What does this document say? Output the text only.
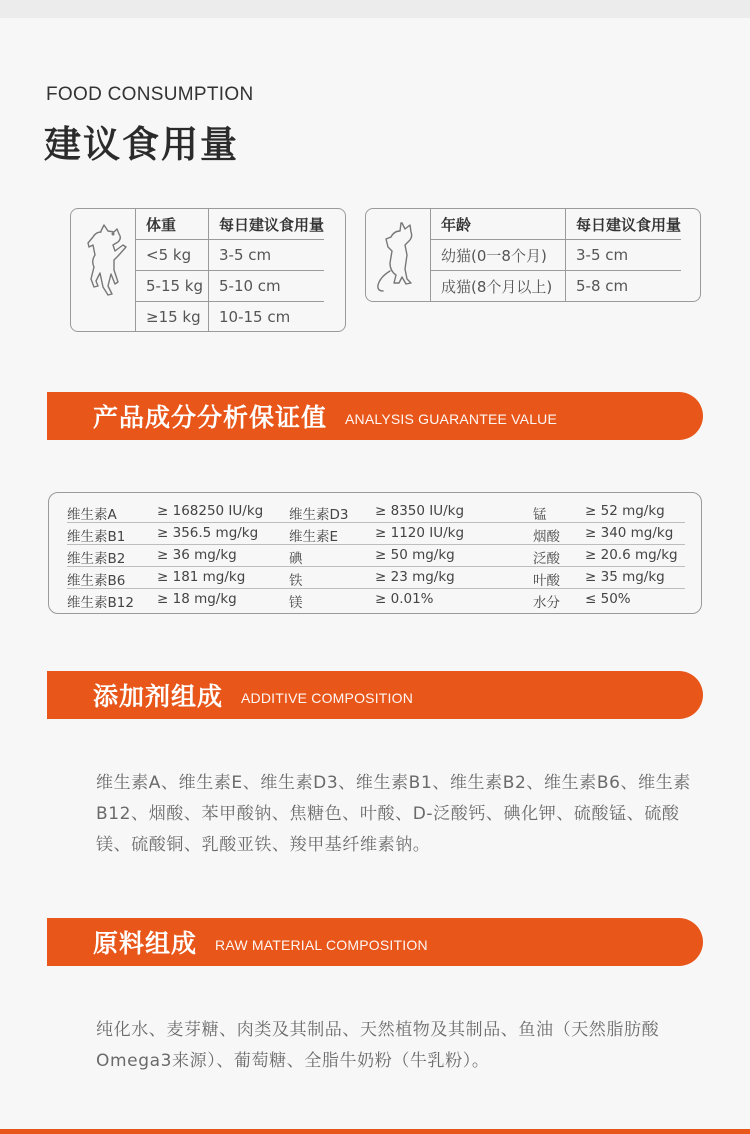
FOOD CONSUMPTION
建议食用量
体重	每日建议食用量
<5 kg	3-5 cm
5-15 kg	5-10 cm
≥15 kg	10-15 cm
年龄	每日建议食用量
幼猫(0一8个月)	3-5 cm
成猫(8个月以上)	5-8 cm
产品成分分析保证值 ANALYSIS GUARANTEE VALUE
维生素A	≥ 168250 IU/kg 维生素D3 ≥ 8350 IU/kg	锰	≥ 52 mg/kg
维生素B1 ≥ 356.5 mg/kg 维生素E	≥ 1120 IU/kg	烟酸 ≥ 340 mg/kg
维生素B2 ≥ 36 mg/kg	碘	≥ 50 mg/kg	泛酸 ≥ 20.6 mg/kg
维生素B6 ≥ 181 mg/kg	铁	≥ 23 mg/kg	叶酸 ≥ 35 mg/kg
维生素B12 ≥ 18 mg/kg	镁	≥ 0.01%	水分 ≤ 50%
添加剂组成 ADDITIVE COMPOSITION
维生素A、维生素E、维生素D3、维生素B1、维生素B2、维生素B6、维生素B12、烟酸、苯甲酸钠、焦糖色、叶酸、D-泛酸钙、碘化钾、硫酸锰、硫酸镁、硫酸铜、乳酸亚铁、羧甲基纤维素钠。
原料组成 RAW MATERIAL COMPOSITION
纯化水、麦芽糖、肉类及其制品、天然植物及其制品、鱼油（天然脂肪酸Omega3来源）、葡萄糖、全脂牛奶粉（牛乳粉）。
